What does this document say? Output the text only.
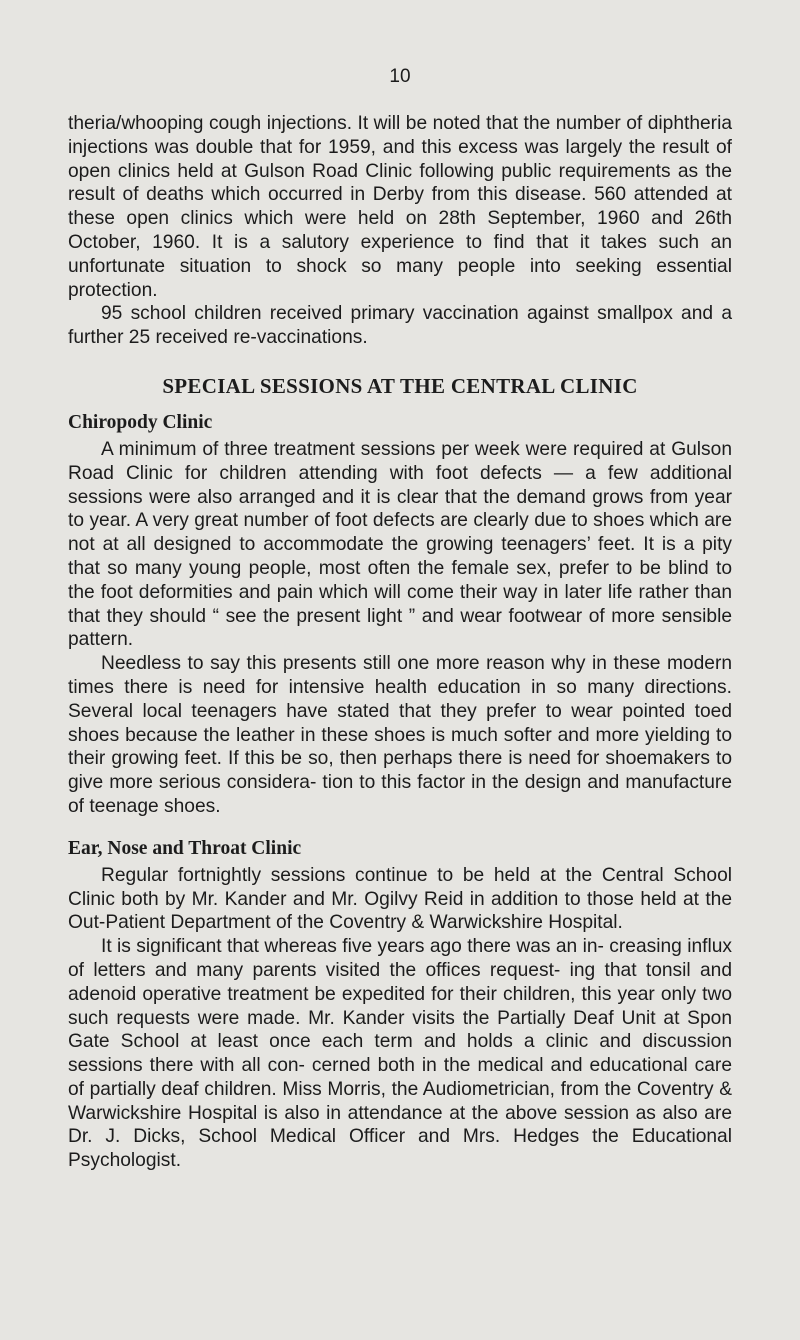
10

theria/whooping cough injections. It will be noted that the number of diphtheria injections was double that for 1959, and this excess was largely the result of open clinics held at Gulson Road Clinic following public requirements as the result of deaths which occurred in Derby from this disease. 560 attended at these open clinics which were held on 28th September, 1960 and 26th October, 1960. It is a salutory experience to find that it takes such an unfortunate situation to shock so many people into seeking essential protection.

95 school children received primary vaccination against smallpox and a further 25 received re-vaccinations.

SPECIAL SESSIONS AT THE CENTRAL CLINIC
Chiropody Clinic

A minimum of three treatment sessions per week were required at Gulson Road Clinic for children attending with foot defects — a few additional sessions were also arranged and it is clear that the demand grows from year to year. A very great number of foot defects are clearly due to shoes which are not at all designed to accommodate the growing teenagers’ feet. It is a pity that so many young people, most often the female sex, prefer to be blind to the foot deformities and pain which will come their way in later life rather than that they should “ see the present light ” and wear footwear of more sensible pattern.

Needless to say this presents still one more reason why in these modern times there is need for intensive health education in so many directions. Several local teenagers have stated that they prefer to wear pointed toed shoes because the leather in these shoes is much softer and more yielding to their growing feet. If this be so, then perhaps there is need for shoemakers to give more serious considera- tion to this factor in the design and manufacture of teenage shoes.

Ear, Nose and Throat Clinic

Regular fortnightly sessions continue to be held at the Central School Clinic both by Mr. Kander and Mr. Ogilvy Reid in addition to those held at the Out-Patient Department of the Coventry & Warwickshire Hospital.

It is significant that whereas five years ago there was an in- creasing influx of letters and many parents visited the offices request- ing that tonsil and adenoid operative treatment be expedited for their children, this year only two such requests were made. Mr. Kander visits the Partially Deaf Unit at Spon Gate School at least once each term and holds a clinic and discussion sessions there with all con- cerned both in the medical and educational care of partially deaf children. Miss Morris, the Audiometrician, from the Coventry & Warwickshire Hospital is also in attendance at the above session as also are Dr. J. Dicks, School Medical Officer and Mrs. Hedges the Educational Psychologist.
